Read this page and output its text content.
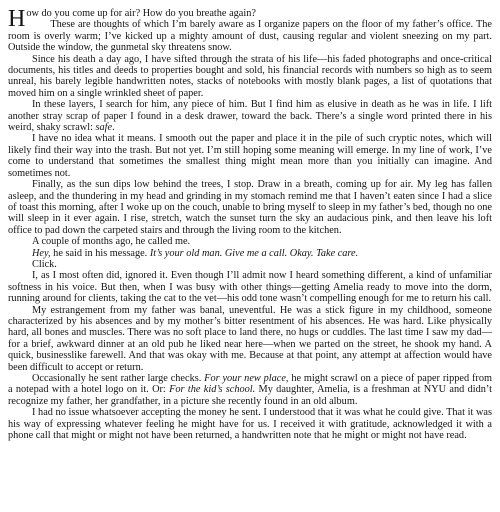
How do you come up for air? How do you breathe again?

These are thoughts of which I’m barely aware as I organize papers on the floor of my father’s office. The room is overly warm; I’ve kicked up a mighty amount of dust, causing regular and violent sneezing on my part. Outside the window, the gunmetal sky threatens snow.

Since his death a day ago, I have sifted through the strata of his life—his faded photographs and once-critical documents, his titles and deeds to properties bought and sold, his financial records with numbers so high as to seem unreal, his barely legible handwritten notes, stacks of notebooks with mostly blank pages, a list of quotations that moved him on a single wrinkled sheet of paper.

In these layers, I search for him, any piece of him. But I find him as elusive in death as he was in life. I lift another stray scrap of paper I found in a desk drawer, toward the back. There’s a single word printed there in his weird, shaky scrawl: safe.

I have no idea what it means. I smooth out the paper and place it in the pile of such cryptic notes, which will likely find their way into the trash. But not yet. I’m still hoping some meaning will emerge. In my line of work, I’ve come to understand that sometimes the smallest thing might mean more than you initially can imagine. And sometimes not.

Finally, as the sun dips low behind the trees, I stop. Draw in a breath, coming up for air. My leg has fallen asleep, and the thundering in my head and grinding in my stomach remind me that I haven’t eaten since I had a slice of toast this morning, after I woke up on the couch, unable to bring myself to sleep in my father’s bed, though no one will sleep in it ever again. I rise, stretch, watch the sunset turn the sky an audacious pink, and then leave his loft office to pad down the carpeted stairs and through the living room to the kitchen.

A couple of months ago, he called me.

Hey, he said in his message. It’s your old man. Give me a call. Okay. Take care.

Click.

I, as I most often did, ignored it. Even though I’ll admit now I heard something different, a kind of unfamiliar softness in his voice. But then, when I was busy with other things—getting Amelia ready to move into the dorm, running around for clients, taking the cat to the vet—his odd tone wasn’t compelling enough for me to return his call.

My estrangement from my father was banal, uneventful. He was a stick figure in my childhood, someone characterized by his absences and by my mother’s bitter resentment of his absences. He was hard. Like physically hard, all bones and muscles. There was no soft place to land there, no hugs or cuddles. The last time I saw my dad—for a brief, awkward dinner at an old pub he liked near here—when we parted on the street, he shook my hand. A quick, businesslike farewell. And that was okay with me. Because at that point, any attempt at affection would have been difficult to accept or return.

Occasionally he sent rather large checks. For your new place, he might scrawl on a piece of paper ripped from a notepad with a hotel logo on it. Or: For the kid’s school. My daughter, Amelia, is a freshman at NYU and didn’t recognize my father, her grandfather, in a picture she recently found in an old album.

I had no issue whatsoever accepting the money he sent. I understood that it was what he could give. That it was his way of expressing whatever feeling he might have for us. I received it with gratitude, acknowledged it with a phone call that might or might not have been returned, a handwritten note that he might or might not have read.
